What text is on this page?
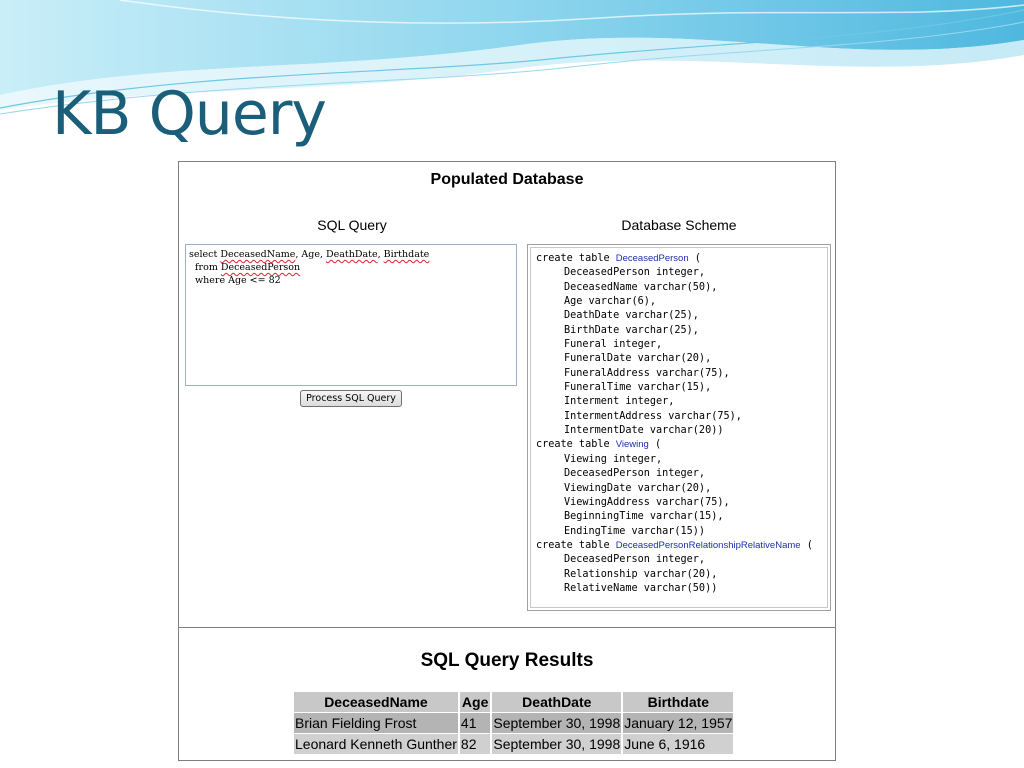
KB Query
Populated Database
SQL Query	Database Scheme
select DeceasedName, Age, DeathDate, Birthdate
from DeceasedPerson
where Age <= 82
Process SQL Query
create table DeceasedPerson (
DeceasedPerson integer,
DeceasedName varchar(50),
Age varchar(6),
DeathDate varchar(25),
BirthDate varchar(25),
Funeral integer,
FuneralDate varchar(20),
FuneralAddress varchar(75),
FuneralTime varchar(15),
Interment integer,
IntermentAddress varchar(75),
IntermentDate varchar(20))
create table Viewing (
Viewing integer,
DeceasedPerson integer,
ViewingDate varchar(20),
ViewingAddress varchar(75),
BeginningTime varchar(15),
EndingTime varchar(15))
create table DeceasedPersonRelationshipRelativeName (
DeceasedPerson integer,
Relationship varchar(20),
RelativeName varchar(50))
SQL Query Results
DeceasedName	Age	DeathDate	Birthdate
Brian Fielding Frost	41	September 30, 1998	January 12, 1957
Leonard Kenneth Gunther	82	September 30, 1998	June 6, 1916
